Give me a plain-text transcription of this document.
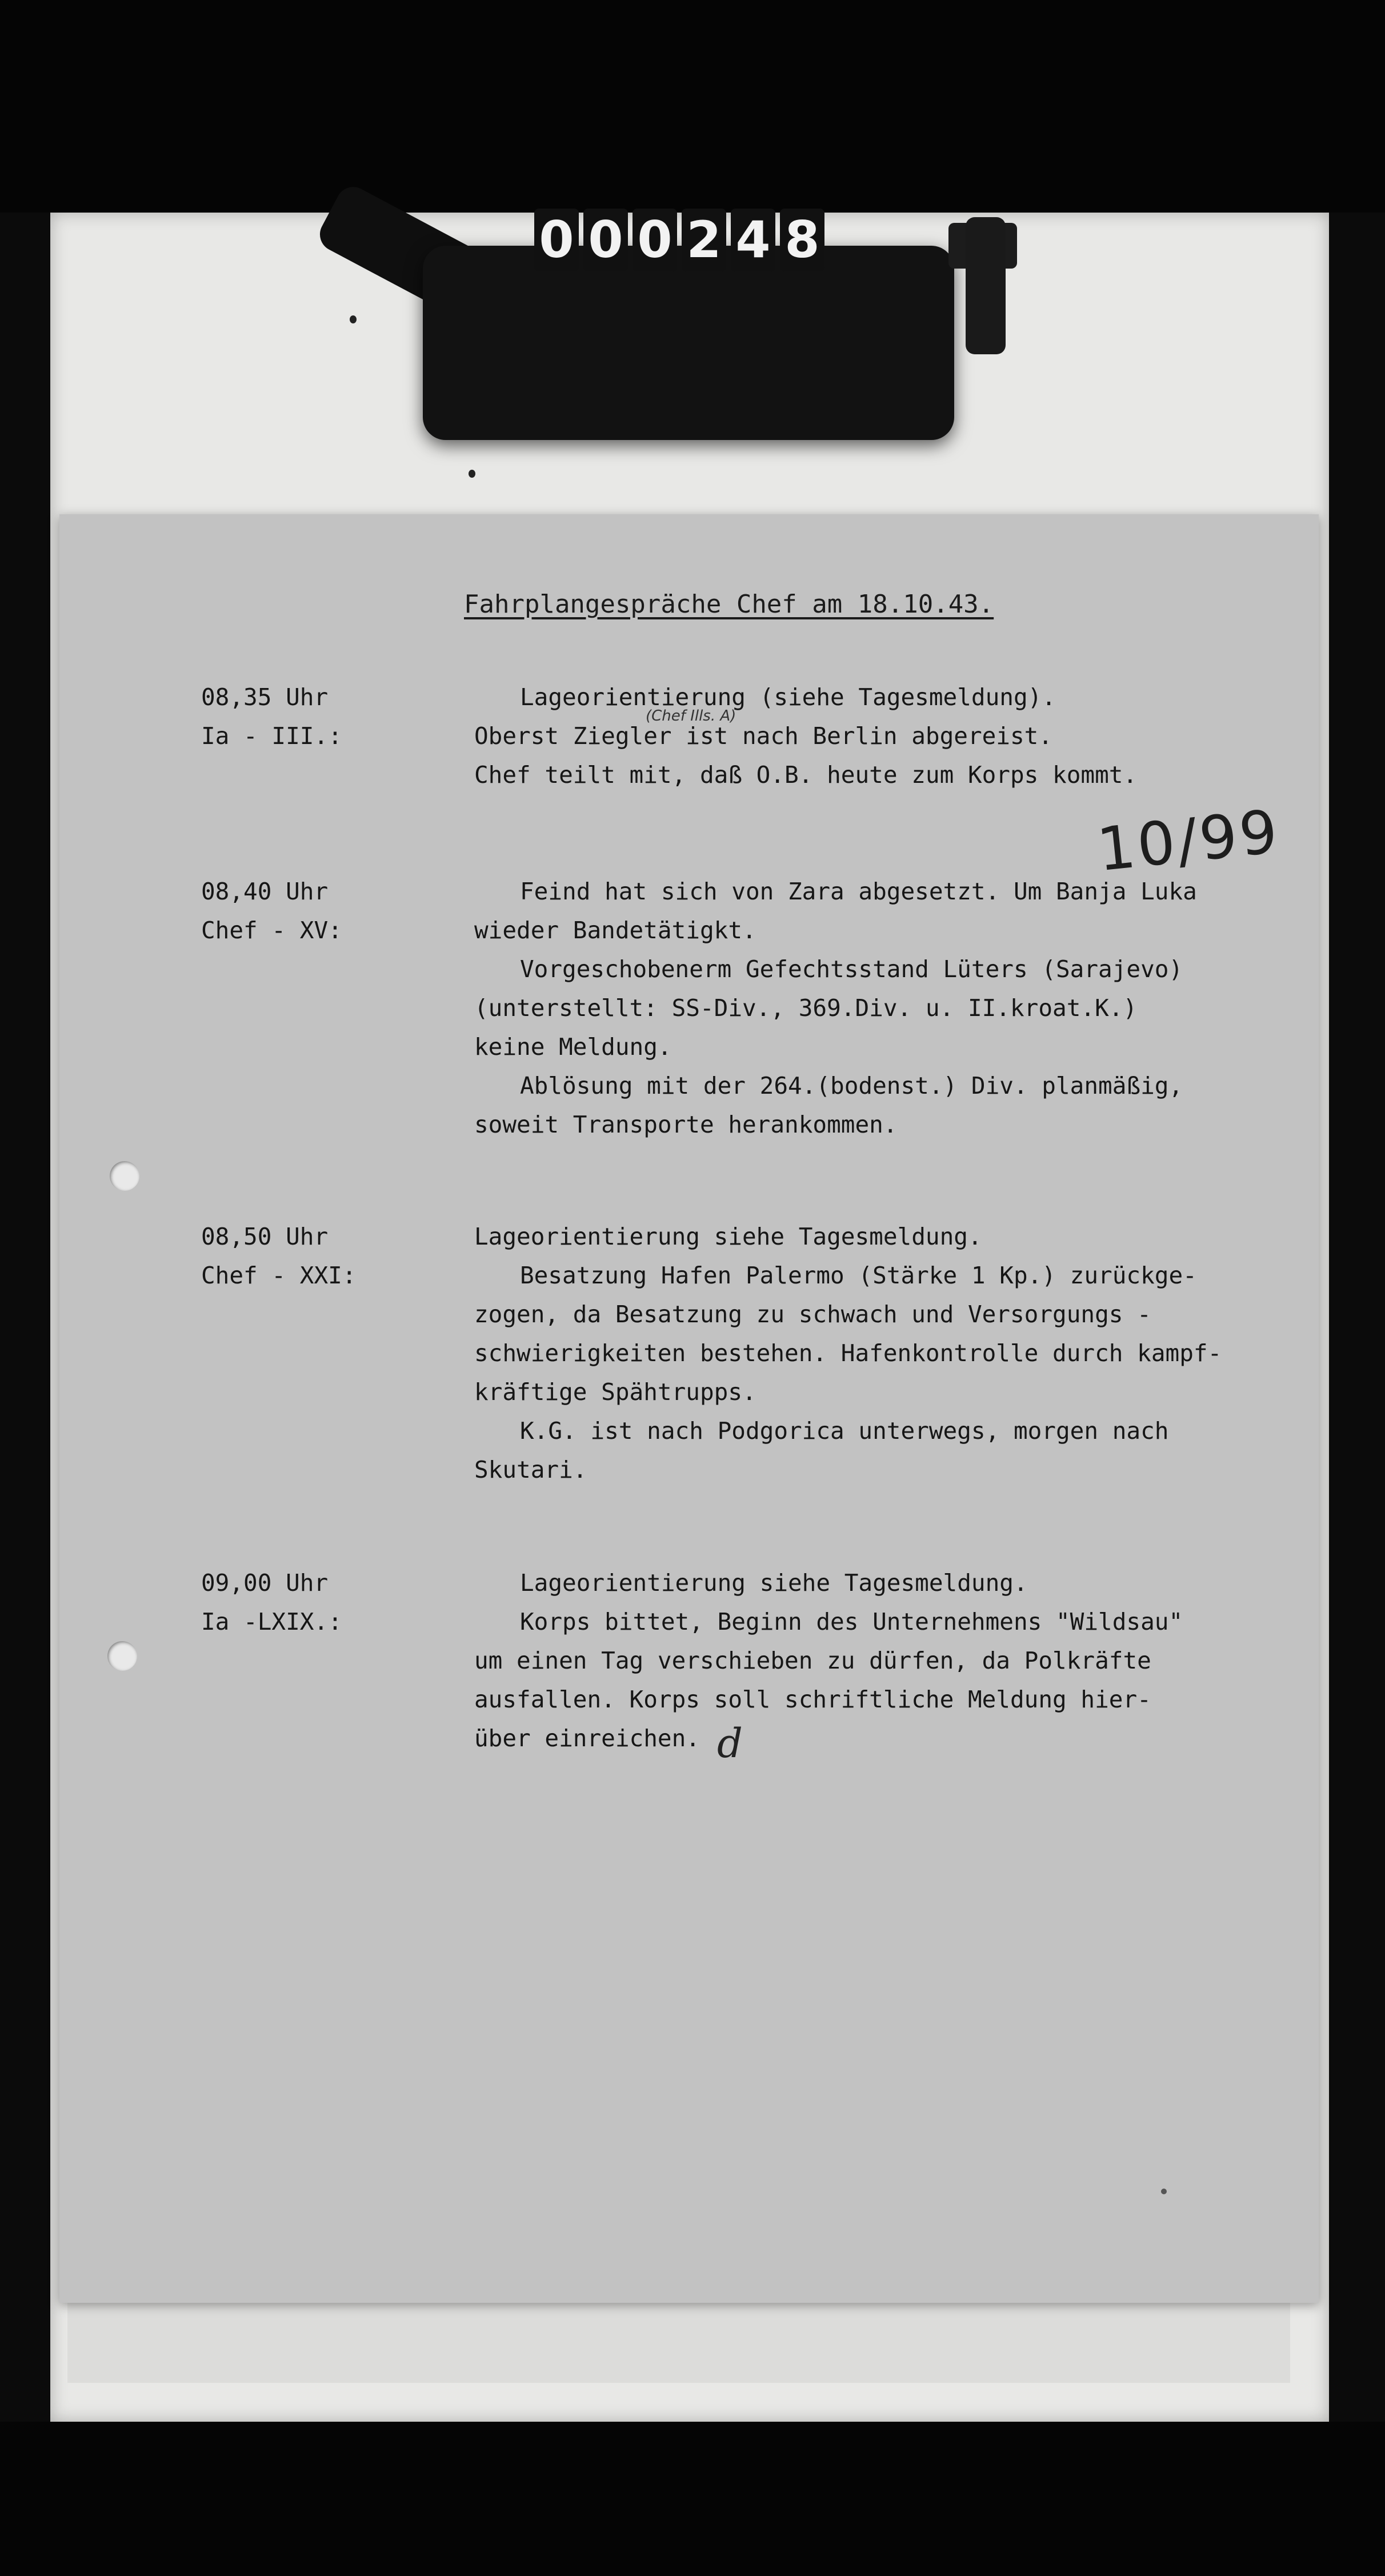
0 0 0 2 4 8
Fahrplangespräche Chef am 18.10.43.
10/99
(Chef Ills. A)
08,35 Uhr
Ia - III.:
Lageorientierung (siehe Tagesmeldung).
Oberst Ziegler ist nach Berlin abgereist.
Chef teilt mit, daß O.B. heute zum Korps kommt.
08,40 Uhr
Chef - XV:
Feind hat sich von Zara abgesetzt. Um Banja Luka
wieder Bandetätigkt.
Vorgeschobenerm Gefechtsstand Lüters (Sarajevo)
(unterstellt: SS-Div., 369.Div. u. II.kroat.K.)
keine Meldung.
Ablösung mit der 264.(bodenst.) Div. planmäßig,
soweit Transporte herankommen.
08,50 Uhr
Chef - XXI:
Lageorientierung siehe Tagesmeldung.
Besatzung Hafen Palermo (Stärke 1 Kp.) zurückge-
zogen, da Besatzung zu schwach und Versorgungs -
schwierigkeiten bestehen. Hafenkontrolle durch kampf-
kräftige Spähtrupps.
K.G. ist nach Podgorica unterwegs, morgen nach
Skutari.
09,00 Uhr
Ia -LXIX.:
Lageorientierung siehe Tagesmeldung.
Korps bittet, Beginn des Unternehmens "Wildsau"
um einen Tag verschieben zu dürfen, da Polkräfte
ausfallen. Korps soll schriftliche Meldung hier-
über einreichen. d
